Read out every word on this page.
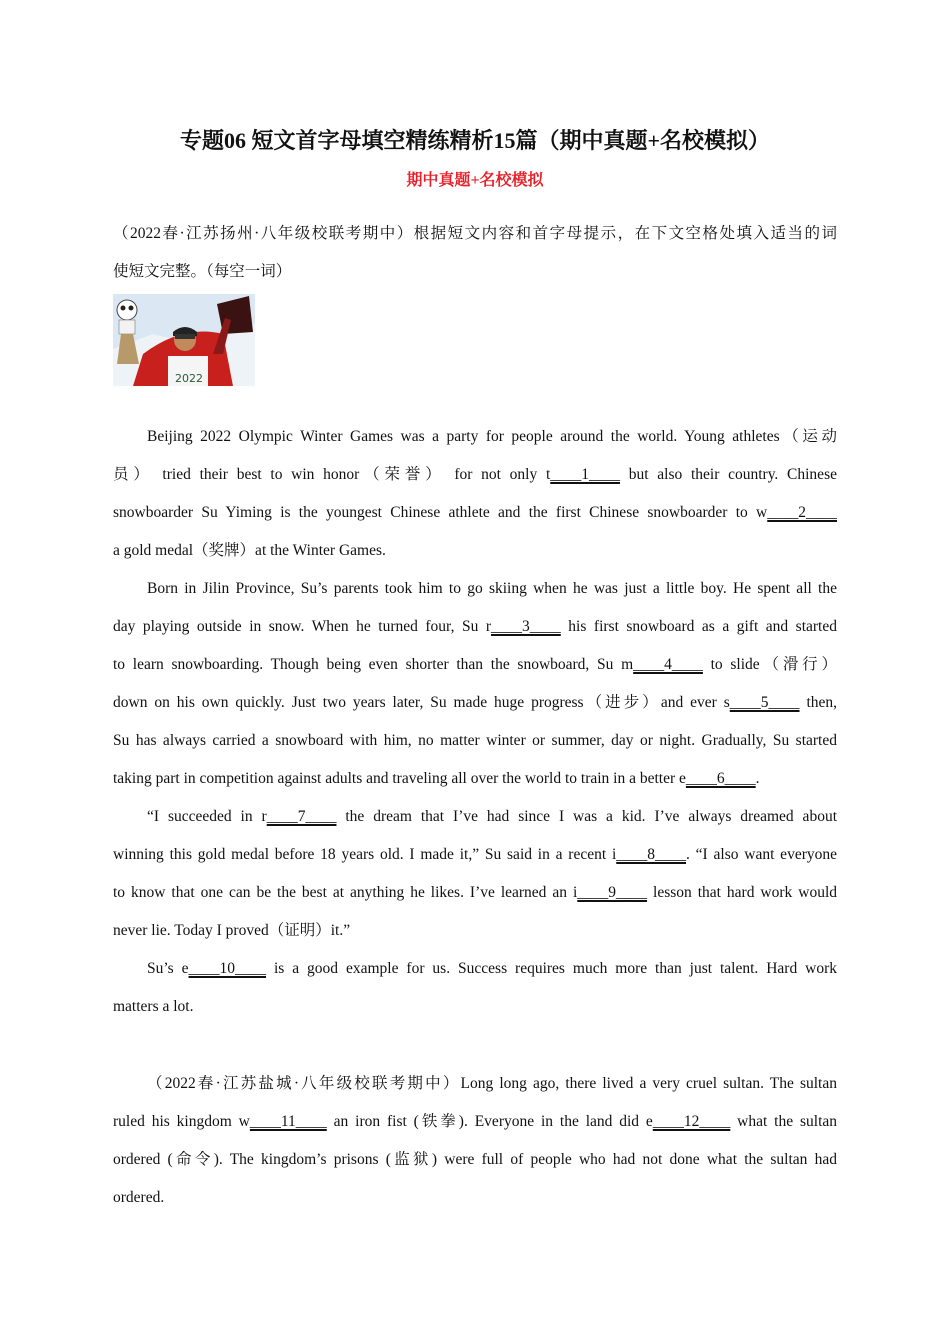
专题06 短文首字母填空精练精析15篇（期中真题+名校模拟）
期中真题+名校模拟
（2022春·江苏扬州·八年级校联考期中）根据短文内容和首字母提示，在下文空格处填入适当的词
使短文完整。（每空一词）
2022
Beijing 2022 Olympic Winter Games was a party for people around the world. Young athletes（运动
员） tried their best to win honor（荣誉） for not only t____1____ but also their country. Chinese
snowboarder Su Yiming is the youngest Chinese athlete and the first Chinese snowboarder to w____2____
a gold medal（奖牌）at the Winter Games.
Born in Jilin Province, Su’s parents took him to go skiing when he was just a little boy. He spent all the
day playing outside in snow. When he turned four, Su r____3____ his first snowboard as a gift and started
to learn snowboarding. Though being even shorter than the snowboard, Su m____4____ to slide（滑行）
down on his own quickly. Just two years later, Su made huge progress（进步）and ever s____5____ then,
Su has always carried a snowboard with him, no matter winter or summer, day or night. Gradually, Su started
taking part in competition against adults and traveling all over the world to train in a better e____6____.
“I succeeded in r____7____ the dream that I’ve had since I was a kid. I’ve always dreamed about
winning this gold medal before 18 years old. I made it,” Su said in a recent i____8____. “I also want everyone
to know that one can be the best at anything he likes. I’ve learned an i____9____ lesson that hard work would
never lie. Today I proved（证明）it.”
Su’s e____10____ is a good example for us. Success requires much more than just talent. Hard work
matters a lot.
（2022春·江苏盐城·八年级校联考期中）Long long ago, there lived a very cruel sultan. The sultan
ruled his kingdom w____11____ an iron fist (铁拳). Everyone in the land did e____12____ what the sultan
ordered (命令). The kingdom’s prisons (监狱) were full of people who had not done what the sultan had
ordered.
